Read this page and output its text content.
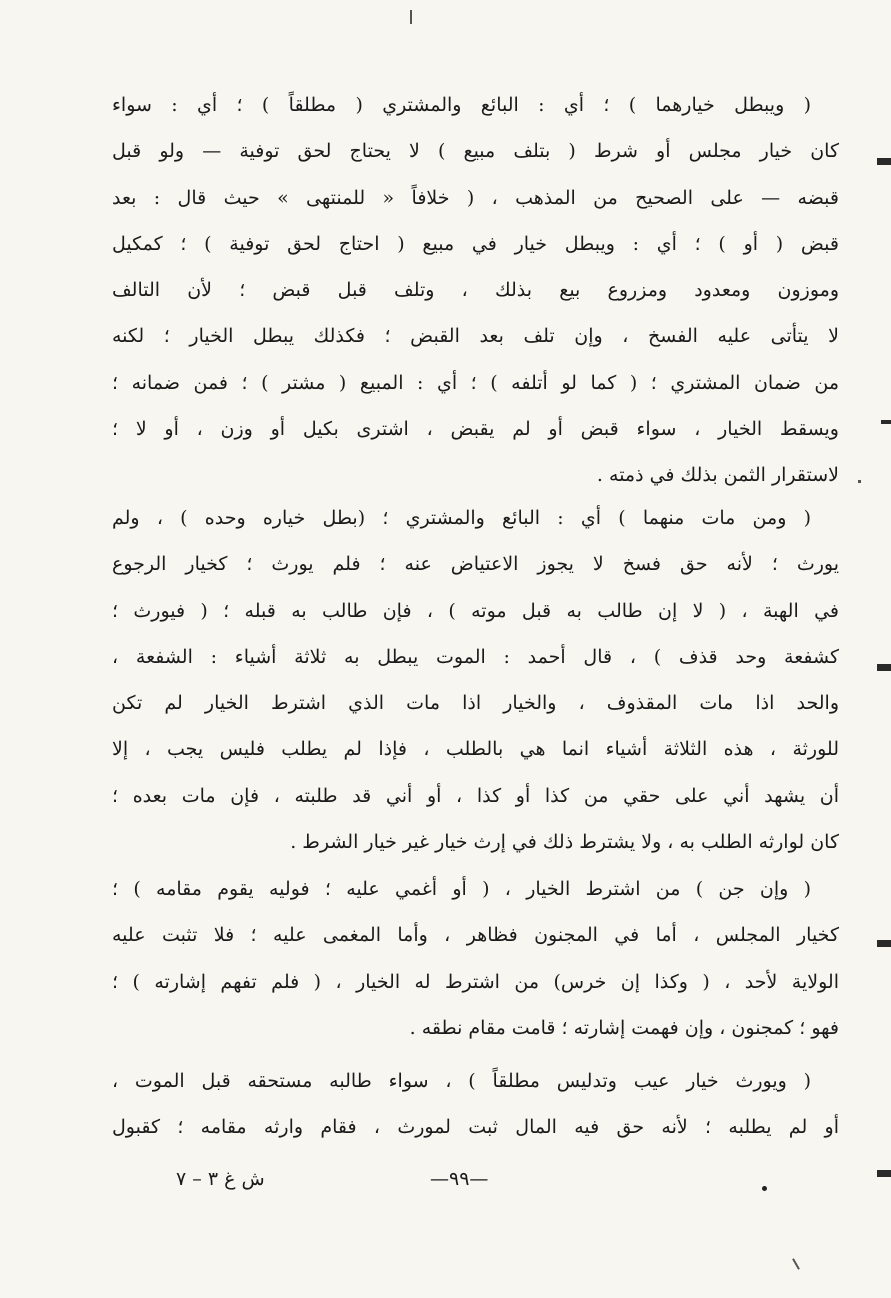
( ويبطل خيارهما ) ؛ أي : البائع والمشتري ( مطلقاً ) ؛ أي : سواء
كان خيار مجلس أو شرط ( بتلف مبيع ) لا يحتاج لحق توفية — ولو قبل
قبضه — على الصحيح من المذهب ، ( خلافاً « للمنتهى » حيث قال : بعد
قبض ( أو ) ؛ أي : ويبطل خيار في مبيع ( احتاج لحق توفية ) ؛ كمكيل
وموزون ومعدود ومزروع بيع بذلك ، وتلف قبل قبض ؛ لأن التالف
لا يتأتى عليه الفسخ ، وإن تلف بعد القبض ؛ فكذلك يبطل الخيار ؛ لكنه
من ضمان المشتري ؛ ( كما لو أتلفه ) ؛ أي : المبيع ( مشتر ) ؛ فمن ضمانه ؛
ويسقط الخيار ، سواء قبض أو لم يقبض ، اشترى بكيل أو وزن ، أو لا ؛
لاستقرار الثمن بذلك في ذمته .
( ومن مات منهما ) أي : البائع والمشتري ؛ (بطل خياره وحده ) ، ولم
يورث ؛ لأنه حق فسخ لا يجوز الاعتياض عنه ؛ فلم يورث ؛ كخيار الرجوع
في الهبة ، ( لا إن طالب به قبل موته ) ، فإن طالب به قبله ؛ ( فيورث ؛
كشفعة وحد قذف ) ، قال أحمد : الموت يبطل به ثلاثة أشياء : الشفعة ،
والحد اذا مات المقذوف ، والخيار اذا مات الذي اشترط الخيار لم تكن
للورثة ، هذه الثلاثة أشياء انما هي بالطلب ، فإذا لم يطلب فليس يجب ، إلا
أن يشهد أني على حقي من كذا أو كذا ، أو أني قد طلبته ، فإن مات بعده ؛
كان لوارثه الطلب به ، ولا يشترط ذلك في إرث خيار غير خيار الشرط .
( وإن جن ) من اشترط الخيار ، ( أو أغمي عليه ؛ فوليه يقوم مقامه ) ؛
كخيار المجلس ، أما في المجنون فظاهر ، وأما المغمى عليه ؛ فلا تثبت عليه
الولاية لأحد ، ( وكذا إن خرس) من اشترط له الخيار ، ( فلم تفهم إشارته ) ؛
فهو ؛ كمجنون ، وإن فهمت إشارته ؛ قامت مقام نطقه .
( ويورث خيار عيب وتدليس مطلقاً ) ، سواء طالبه مستحقه قبل الموت ،
أو لم يطلبه ؛ لأنه حق فيه المال ثبت لمورث ، فقام وارثه مقامه ؛ كقبول
—٩٩—
ش غ ٣ – ٧
